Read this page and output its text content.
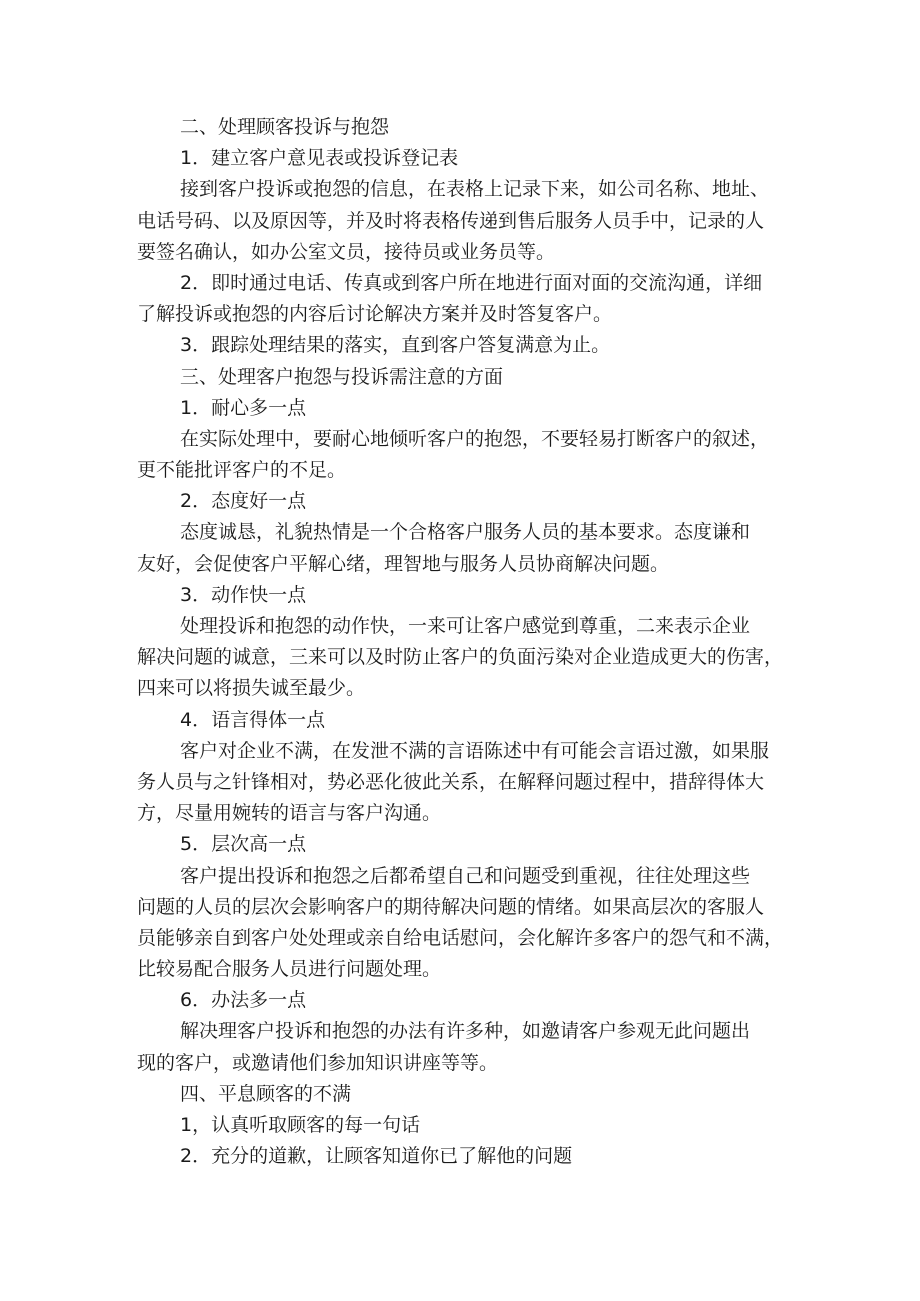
二、处理顾客投诉与抱怨

1．建立客户意见表或投诉登记表

接到客户投诉或抱怨的信息，在表格上记录下来，如公司名称、地址、

电话号码、以及原因等，并及时将表格传递到售后服务人员手中，记录的人

要签名确认，如办公室文员，接待员或业务员等。

2．即时通过电话、传真或到客户所在地进行面对面的交流沟通，详细

了解投诉或抱怨的内容后讨论解决方案并及时答复客户。

3．跟踪处理结果的落实，直到客户答复满意为止。

三、处理客户抱怨与投诉需注意的方面

1．耐心多一点

在实际处理中，要耐心地倾听客户的抱怨，不要轻易打断客户的叙述，

更不能批评客户的不足。

2．态度好一点

态度诚恳，礼貌热情是一个合格客户服务人员的基本要求。态度谦和

友好，会促使客户平解心绪，理智地与服务人员协商解决问题。

3．动作快一点

处理投诉和抱怨的动作快，一来可让客户感觉到尊重，二来表示企业

解决问题的诚意，三来可以及时防止客户的负面污染对企业造成更大的伤害，

四来可以将损失诚至最少。

4．语言得体一点

客户对企业不满，在发泄不满的言语陈述中有可能会言语过激，如果服

务人员与之针锋相对，势必恶化彼此关系，在解释问题过程中，措辞得体大

方，尽量用婉转的语言与客户沟通。

5．层次高一点

客户提出投诉和抱怨之后都希望自己和问题受到重视，往往处理这些

问题的人员的层次会影响客户的期待解决问题的情绪。如果高层次的客服人

员能够亲自到客户处处理或亲自给电话慰问，会化解许多客户的怨气和不满，

比较易配合服务人员进行问题处理。

6．办法多一点

解决理客户投诉和抱怨的办法有许多种，如邀请客户参观无此问题出

现的客户，或邀请他们参加知识讲座等等。

四、平息顾客的不满

1，认真听取顾客的每一句话

2．充分的道歉，让顾客知道你已了解他的问题
